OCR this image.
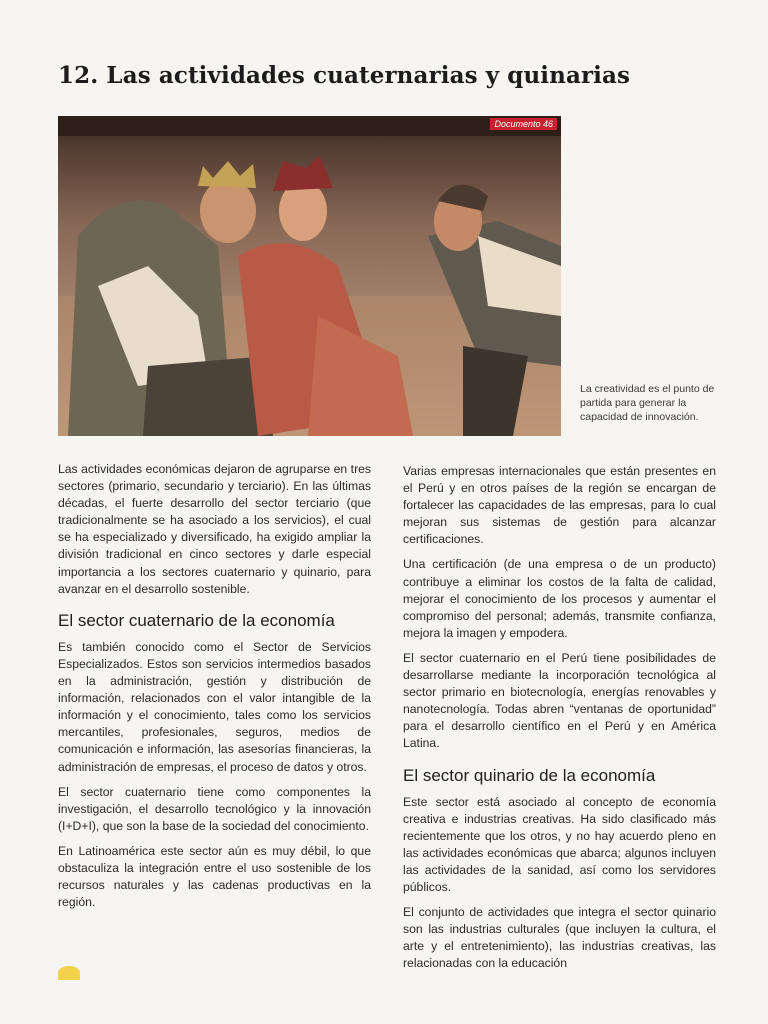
12. Las actividades cuaternarias y quinarias
Documento 46
La creatividad es el punto de partida para generar la capacidad de innovación.

Las actividades económicas dejaron de agruparse en tres sectores (primario, secundario y terciario). En las últimas décadas, el fuerte desarrollo del sector terciario (que tradicionalmente se ha asociado a los servicios), el cual se ha especializado y diversificado, ha exigido ampliar la división tradicional en cinco sectores y darle especial importancia a los sectores cuaternario y quinario, para avanzar en el desarrollo sostenible.

El sector cuaternario de la economía

Es también conocido como el Sector de Servicios Especializados. Estos son servicios intermedios basados en la administración, gestión y distribución de información, relacionados con el valor intangible de la información y el conocimiento, tales como los servicios mercantiles, profesionales, seguros, medios de comunicación e información, las asesorías financieras, la administración de empresas, el proceso de datos y otros.

El sector cuaternario tiene como componentes la investigación, el desarrollo tecnológico y la innovación (I+D+I), que son la base de la sociedad del conocimiento.

En Latinoamérica este sector aún es muy débil, lo que obstaculiza la integración entre el uso sostenible de los recursos naturales y las cadenas productivas en la región.

Varias empresas internacionales que están presentes en el Perú y en otros países de la región se encargan de fortalecer las capacidades de las empresas, para lo cual mejoran sus sistemas de gestión para alcanzar certificaciones.

Una certificación (de una empresa o de un producto) contribuye a eliminar los costos de la falta de calidad, mejorar el conocimiento de los procesos y aumentar el compromiso del personal; además, transmite confianza, mejora la imagen y empodera.

El sector cuaternario en el Perú tiene posibilidades de desarrollarse mediante la incorporación tecnológica al sector primario en biotecnología, energías renovables y nanotecnología. Todas abren “ventanas de oportunidad” para el desarrollo científico en el Perú y en América Latina.

El sector quinario de la economía

Este sector está asociado al concepto de economía creativa e industrias creativas. Ha sido clasificado más recientemente que los otros, y no hay acuerdo pleno en las actividades económicas que abarca; algunos incluyen las actividades de la sanidad, así como los servidores públicos.

El conjunto de actividades que integra el sector quinario son las industrias culturales (que incluyen la cultura, el arte y el entretenimiento), las industrias creativas, las relacionadas con la educación
